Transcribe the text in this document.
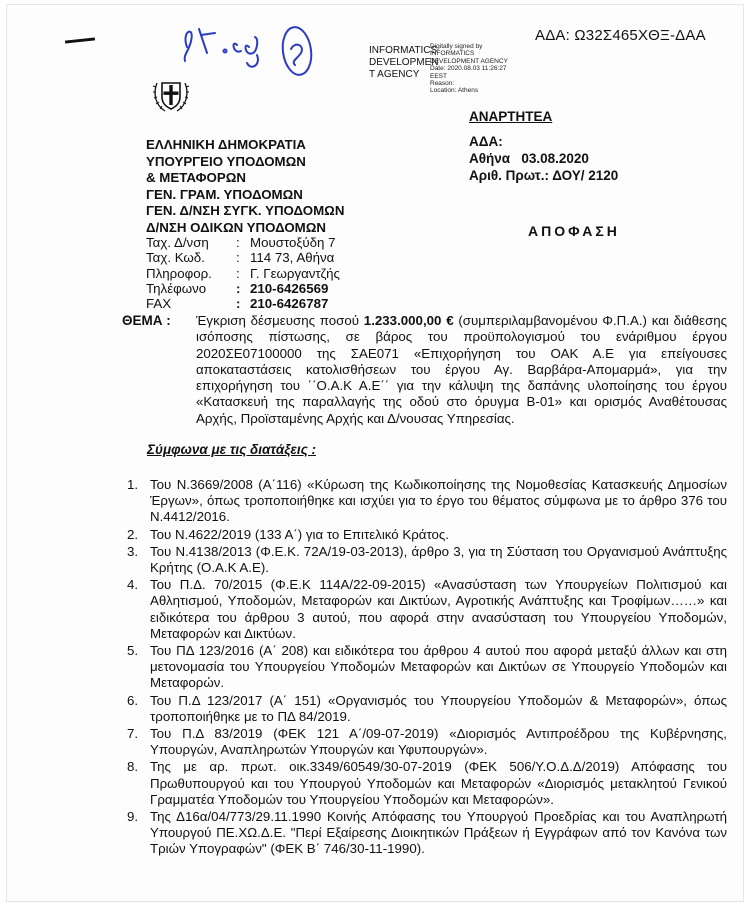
ΑΔΑ: Ω32Σ465ΧΘΞ-ΔΑΑ
INFORMATICS DEVELOPMEN T AGENCY
Digitally signed by
INFORMATICS
DEVELOPMENT AGENCY
Date: 2020.08.03 11:26:27
EEST
Reason:
Location: Athens
ΕΛΛΗΝΙΚΗ ΔΗΜΟΚΡΑΤΙΑ
ΥΠΟΥΡΓΕΙΟ ΥΠΟΔΟΜΩΝ
& ΜΕΤΑΦΟΡΩΝ
ΓΕΝ. ΓΡΑΜ. ΥΠΟΔΟΜΩΝ
ΓΕΝ. Δ/ΝΣΗ ΣΥΓΚ. ΥΠΟΔΟΜΩΝ
Δ/ΝΣΗ ΟΔΙΚΩΝ ΥΠΟΔΟΜΩΝ
ΑΝΑΡΤΗΤΕΑ
ΑΔΑ:
Αθήνα   03.08.2020
Αριθ. Πρωτ.: ΔΟΥ/ 2120
ΑΠΟΦΑΣΗ
Ταχ. Δ/νση	: Μουστοξύδη 7
Ταχ. Κωδ.	: 114 73, Αθήνα
Πληροφορ.	: Γ. Γεωργαντζής
Τηλέφωνο	: 210-6426569
FAX	: 210-6426787
ΘΕΜΑ : Έγκριση δέσμευσης ποσού 1.233.000,00 € (συμπεριλαμβανομένου Φ.Π.Α.) και διάθεσης ισόποσης πίστωσης, σε βάρος του προϋπολογισμού του ενάριθμου έργου 2020ΣΕ07100000 της ΣΑΕ071 «Επιχορήγηση του ΟΑΚ Α.Ε για επείγουσες αποκαταστάσεις κατολισθήσεων του έργου Αγ. Βαρβάρα-Απομαρμά», για την επιχορήγηση του ΄΄Ο.Α.Κ Α.Ε΄΄ για την κάλυψη της δαπάνης υλοποίησης του έργου «Κατασκευή της παραλλαγής της οδού στο όρυγμα Β-01» και ορισμός Αναθέτουσας Αρχής, Προϊσταμένης Αρχής και Δ/νουσας Υπηρεσίας.
Σύμφωνα με τις διατάξεις :
1. Του Ν.3669/2008 (Α΄116) «Κύρωση της Κωδικοποίησης της Νομοθεσίας Κατασκευής Δημοσίων Έργων», όπως τροποποιήθηκε και ισχύει για το έργο του θέματος σύμφωνα με το άρθρο 376 του Ν.4412/2016.
2. Του Ν.4622/2019 (133 Α΄) για το Επιτελικό Κράτος.
3. Του Ν.4138/2013 (Φ.Ε.Κ. 72Α/19-03-2013), άρθρο 3, για τη Σύσταση του Οργανισμού Ανάπτυξης Κρήτης (Ο.Α.Κ Α.Ε).
4. Του Π.Δ. 70/2015 (Φ.Ε.Κ 114Α/22-09-2015) «Ανασύσταση των Υπουργείων Πολιτισμού και Αθλητισμού, Υποδομών, Μεταφορών και Δικτύων, Αγροτικής Ανάπτυξης και Τροφίμων……» και ειδικότερα του άρθρου 3 αυτού, που αφορά στην ανασύσταση του Υπουργείου Υποδομών, Μεταφορών και Δικτύων.
5. Του ΠΔ 123/2016 (Α΄ 208) και ειδικότερα του άρθρου 4 αυτού που αφορά μεταξύ άλλων και στη μετονομασία του Υπουργείου Υποδομών Μεταφορών και Δικτύων σε Υπουργείο Υποδομών και Μεταφορών.
6. Του Π.Δ 123/2017 (Α΄ 151) «Οργανισμός του Υπουργείου Υποδομών & Μεταφορών», όπως τροποποιήθηκε με το ΠΔ 84/2019.
7. Του Π.Δ 83/2019 (ΦΕΚ 121 Α΄/09-07-2019) «Διορισμός Αντιπροέδρου της Κυβέρνησης, Υπουργών, Αναπληρωτών Υπουργών και Υφυπουργών».
8. Της με αρ. πρωτ. οικ.3349/60549/30-07-2019 (ΦΕΚ 506/Υ.Ο.Δ.Δ/2019) Απόφασης του Πρωθυπουργού και του Υπουργού Υποδομών και Μεταφορών «Διορισμός μετακλητού Γενικού Γραμματέα Υποδομών του Υπουργείου Υποδομών και Μεταφορών».
9. Της Δ16α/04/773/29.11.1990 Κοινής Απόφασης του Υπουργού Προεδρίας και του Αναπληρωτή Υπουργού ΠΕ.ΧΩ.Δ.Ε. "Περί Εξαίρεσης Διοικητικών Πράξεων ή Εγγράφων από τον Κανόνα των Τριών Υπογραφών" (ΦΕΚ Β΄ 746/30-11-1990).
